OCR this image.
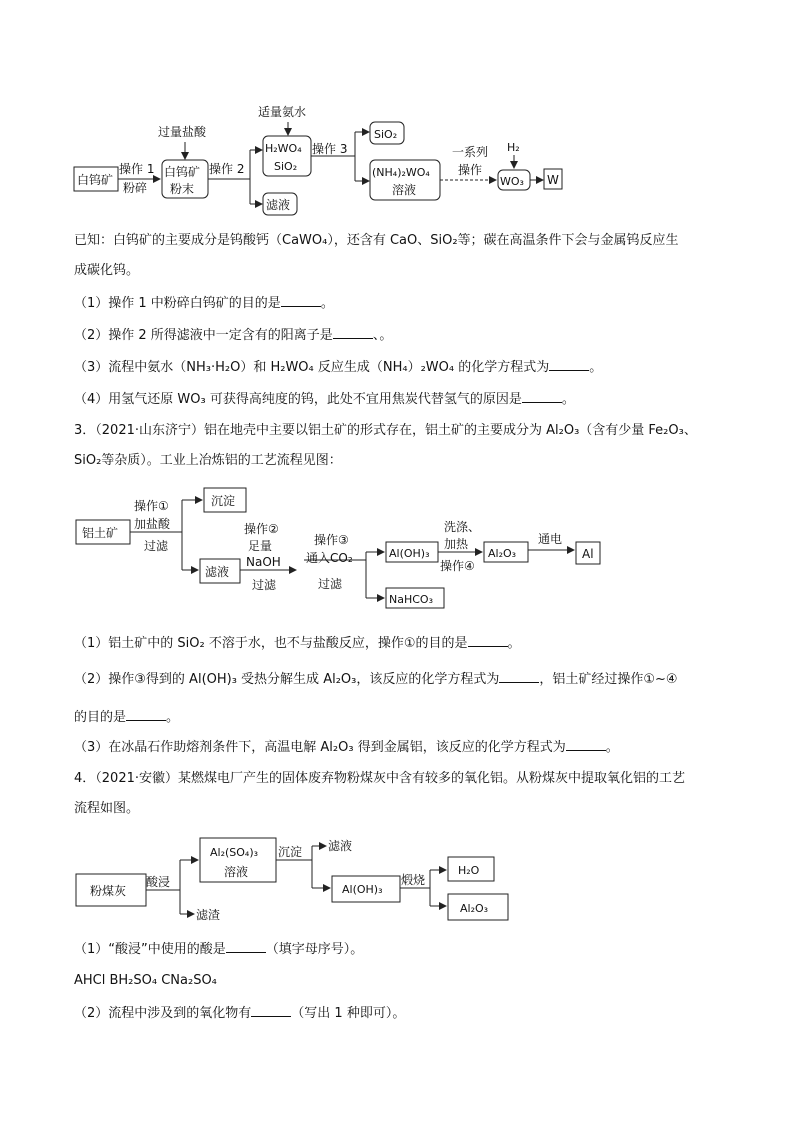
白钨矿
操作 1
粉碎
过量盐酸
白钨矿
粉末
操作 2
适量氨水
H₂WO₄
SiO₂
滤液
操作 3
SiO₂
(NH₄)₂WO₄
溶液
一系列
操作
H₂
WO₃ W
已知：白钨矿的主要成分是钨酸钙（CaWO₄），还含有 CaO、SiO₂等；碳在高温条件下会与金属钨反应生
成碳化钨。
（1）操作 1 中粉碎白钨矿的目的是	。
（2）操作 2 所得滤液中一定含有的阳离子是	、。
（3）流程中氨水（NH₃·H₂O）和 H₂WO₄ 反应生成（NH₄）₂WO₄ 的化学方程式为	。
（4）用氢气还原 WO₃ 可获得高纯度的钨，此处不宜用焦炭代替氢气的原因是	。
3．（2021·山东济宁）铝在地壳中主要以铝土矿的形式存在，铝土矿的主要成分为 Al₂O₃（含有少量 Fe₂O₃、
SiO₂等杂质）。工业上冶炼铝的工艺流程见图：
铝土矿
操作①
加盐酸
过滤
沉淀
滤液
操作②
足量
NaOH
过滤
操作③
通入CO₂
过滤
Al(OH)₃
NaHCO₃
洗涤、
加热
操作④
Al₂O₃
通电
Al
（1）铝土矿中的 SiO₂ 不溶于水，也不与盐酸反应，操作①的目的是	。
（2）操作③得到的 Al(OH)₃ 受热分解生成 Al₂O₃，该反应的化学方程式为	，铝土矿经过操作①~④
的目的是	。
（3）在冰晶石作助熔剂条件下，高温电解 Al₂O₃ 得到金属铝，该反应的化学方程式为	。
4．（2021·安徽）某燃煤电厂产生的固体废弃物粉煤灰中含有较多的氧化铝。从粉煤灰中提取氧化铝的工艺
流程如图。
粉煤灰
酸浸
滤渣
Al₂(SO₄)₃
溶液
沉淀 滤液
Al(OH)₃
煅烧
H₂O
Al₂O₃
（1）“酸浸”中使用的酸是	（填字母序号）。
AHCl BH₂SO₄ CNa₂SO₄
（2）流程中涉及到的氧化物有	（写出 1 种即可）。
